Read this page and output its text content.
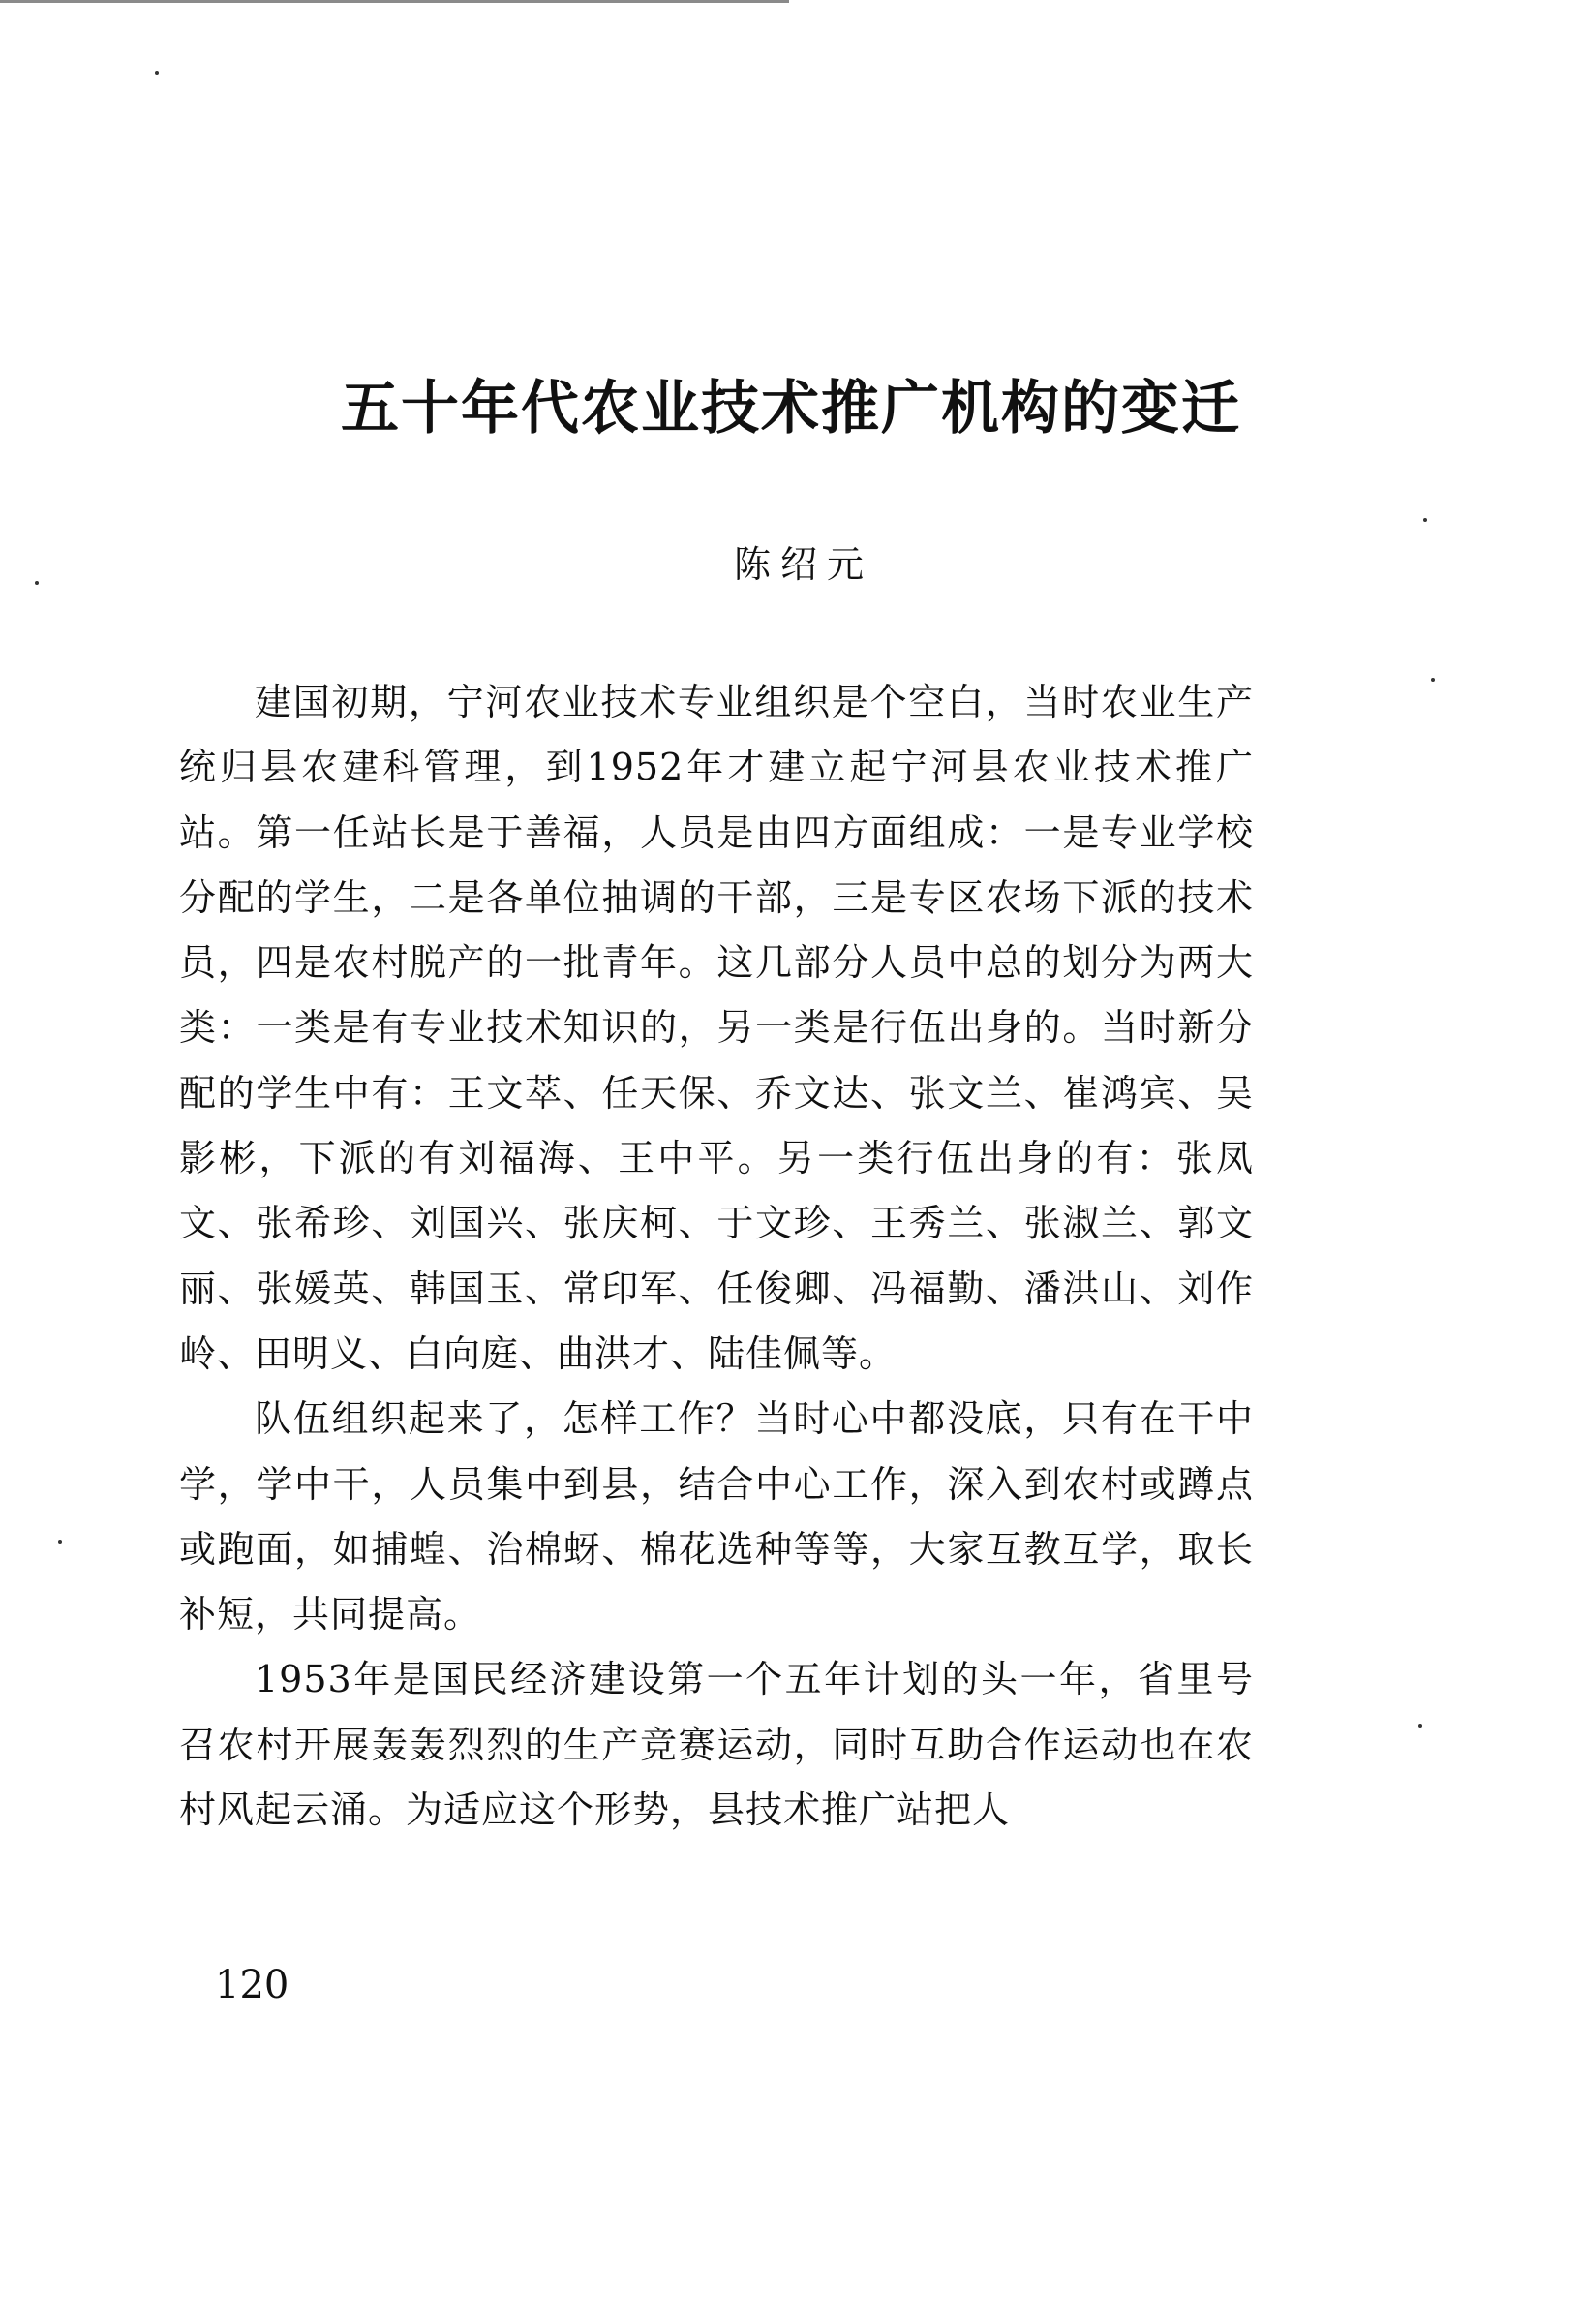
五十年代农业技术推广机构的变迁
陈绍元

建国初期，宁河农业技术专业组织是个空白，当时农业生产统归县农建科管理，到1952年才建立起宁河县农业技术推广站。第一任站长是于善福，人员是由四方面组成：一是专业学校分配的学生，二是各单位抽调的干部，三是专区农场下派的技术员，四是农村脱产的一批青年。这几部分人员中总的划分为两大类：一类是有专业技术知识的，另一类是行伍出身的。当时新分配的学生中有：王文萃、任天保、乔文达、张文兰、崔鸿宾、吴影彬，下派的有刘福海、王中平。另一类行伍出身的有：张凤文、张希珍、刘国兴、张庆柯、于文珍、王秀兰、张淑兰、郭文丽、张媛英、韩国玉、常印军、任俊卿、冯福勤、潘洪山、刘作岭、田明义、白向庭、曲洪才、陆佳佩等。

队伍组织起来了，怎样工作？当时心中都没底，只有在干中学，学中干，人员集中到县，结合中心工作，深入到农村或蹲点或跑面，如捕蝗、治棉蚜、棉花选种等等，大家互教互学，取长补短，共同提高。

1953年是国民经济建设第一个五年计划的头一年，省里号召农村开展轰轰烈烈的生产竞赛运动，同时互助合作运动也在农村风起云涌。为适应这个形势，县技术推广站把人

120
